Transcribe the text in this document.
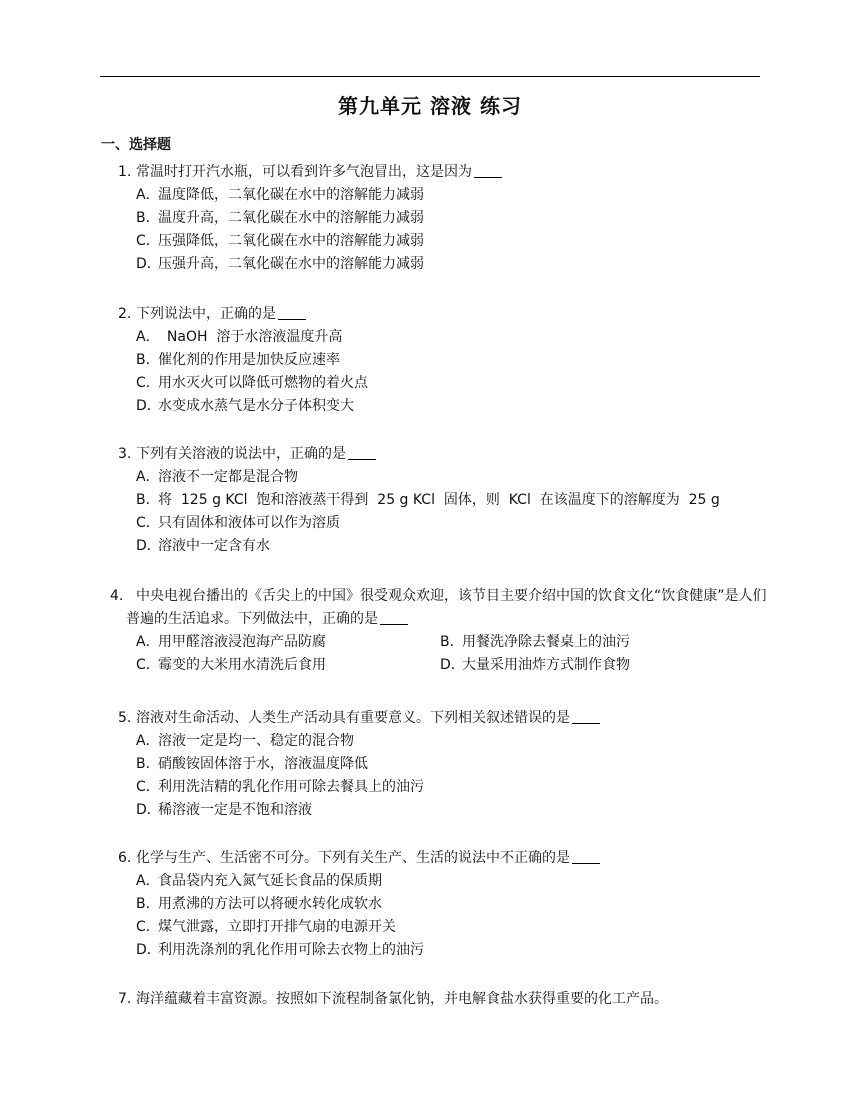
第九单元 溶液 练习
一、选择题
1. 常温时打开汽水瓶，可以看到许多气泡冒出，这是因为
A．温度降低，二氧化碳在水中的溶解能力减弱
B．温度升高，二氧化碳在水中的溶解能力减弱
C．压强降低，二氧化碳在水中的溶解能力减弱
D．压强升高，二氧化碳在水中的溶解能力减弱
2. 下列说法中，正确的是
A．  NaOH  溶于水溶液温度升高
B．催化剂的作用是加快反应速率
C．用水灭火可以降低可燃物的着火点
D．水变成水蒸气是水分子体积变大
3. 下列有关溶液的说法中，正确的是
A．溶液不一定都是混合物
B．将  125 g KCl  饱和溶液蒸干得到  25 g KCl  固体，则  KCl  在该温度下的溶解度为  25 g
C．只有固体和液体可以作为溶质
D．溶液中一定含有水
4. 中央电视台播出的《舌尖上的中国》很受观众欢迎，该节目主要介绍中国的饮食文化“饮食健康”是人们普遍的生活追求。下列做法中，正确的是
A．用甲醛溶液浸泡海产品防腐	B．用餐洗净除去餐桌上的油污
C．霉变的大米用水清洗后食用	D．大量采用油炸方式制作食物
5. 溶液对生命活动、人类生产活动具有重要意义。下列相关叙述错误的是
A．溶液一定是均一、稳定的混合物
B．硝酸铵固体溶于水，溶液温度降低
C．利用洗洁精的乳化作用可除去餐具上的油污
D．稀溶液一定是不饱和溶液
6. 化学与生产、生活密不可分。下列有关生产、生活的说法中不正确的是
A．食品袋内充入氮气延长食品的保质期
B．用煮沸的方法可以将硬水转化成软水
C．煤气泄露，立即打开排气扇的电源开关
D．利用洗涤剂的乳化作用可除去衣物上的油污
7. 海洋蕴藏着丰富资源。按照如下流程制备氯化钠，并电解食盐水获得重要的化工产品。
